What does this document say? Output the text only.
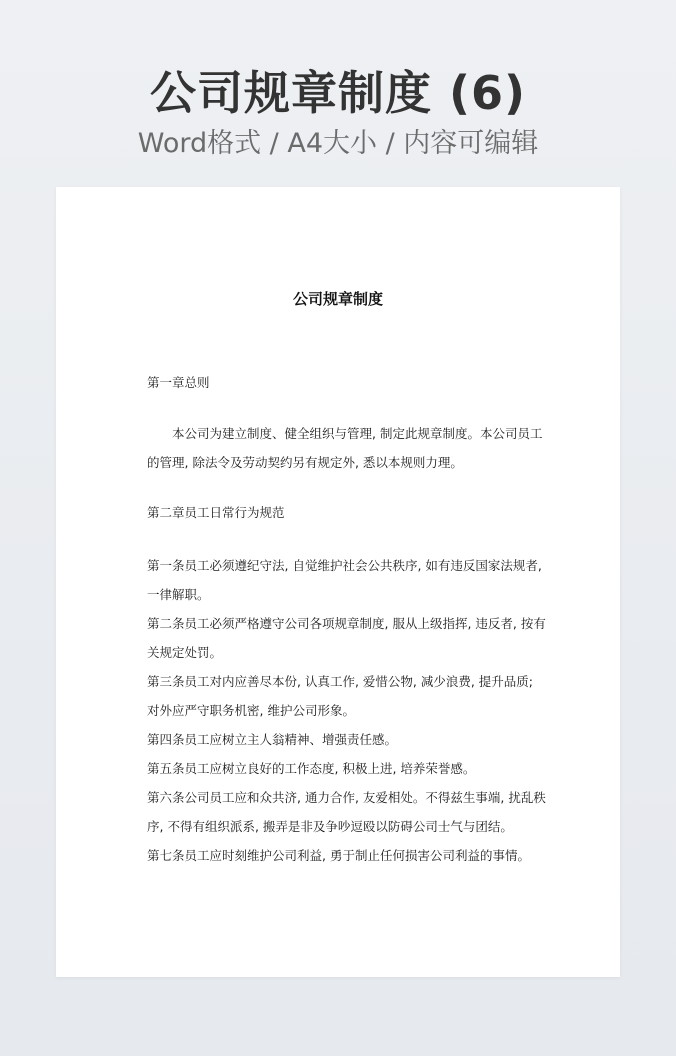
公司规章制度 (6)
Word格式 / A4大小 / 内容可编辑
公司规章制度

第一章总则

本公司为建立制度、健全组织与管理, 制定此规章制度。本公司员工的管理, 除法令及劳动契约另有规定外, 悉以本规则力理。

第二章员工日常行为规范

第一条员工必须遵纪守法, 自觉维护社会公共秩序, 如有违反国家法规者, 一律解职。

第二条员工必须严格遵守公司各项规章制度, 服从上级指挥, 违反者, 按有关规定处罚。

第三条员工对内应善尽本份, 认真工作, 爱惜公物, 减少浪费, 提升品质; 对外应严守职务机密, 维护公司形象。

第四条员工应树立主人翁精神、增强责任感。

第五条员工应树立良好的工作态度, 积极上进, 培养荣誉感。

第六条公司员工应和众共济, 通力合作, 友爱相处。不得兹生事端, 扰乱秩序, 不得有组织派系, 搬弄是非及争吵逗殴以防碍公司士气与团结。

第七条员工应时刻维护公司利益, 勇于制止任何损害公司利益的事情。
